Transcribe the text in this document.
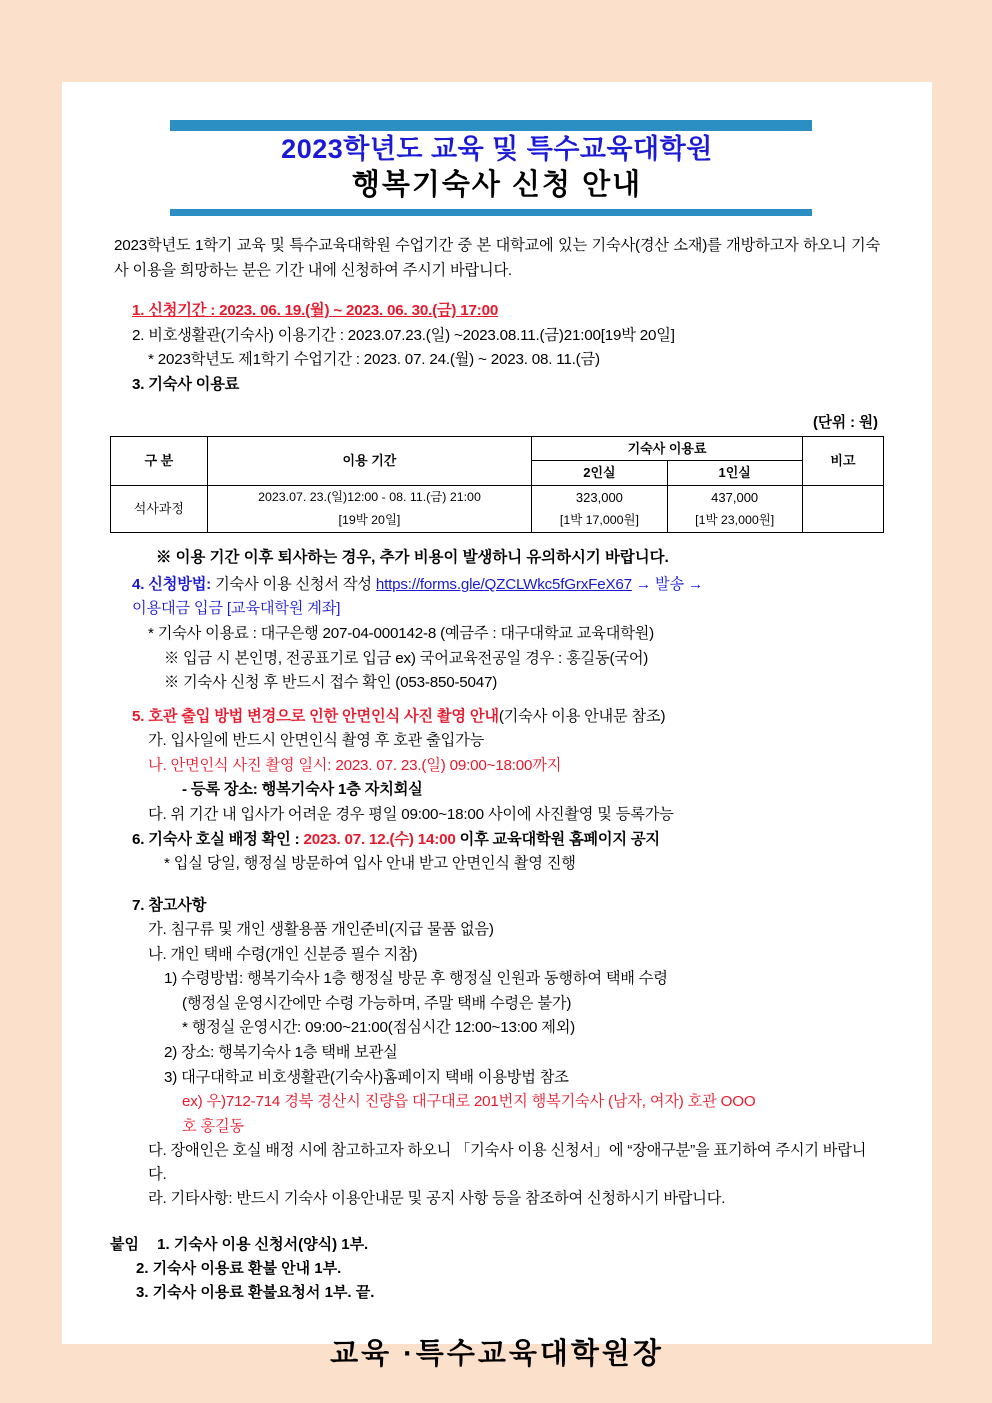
2023학년도 교육 및 특수교육대학원
행복기숙사 신청 안내
2023학년도 1학기 교육 및 특수교육대학원 수업기간 중 본 대학교에 있는 기숙사(경산 소재)를 개방하고자 하오니 기숙사 이용을 희망하는 분은 기간 내에 신청하여 주시기 바랍니다.
1. 신청기간 : 2023. 06. 19.(월) ~ 2023. 06. 30.(금) 17:00
2. 비호생활관(기숙사) 이용기간 : 2023.07.23.(일) ~2023.08.11.(금)21:00[19박 20일]
* 2023학년도 제1학기 수업기간 : 2023. 07. 24.(월) ~ 2023. 08. 11.(금)
3. 기숙사 이용료
(단위 : 원)
구 분	이용 기간	기숙사 이용료		비고
		2인실	1인실	
석사과정	2023.07. 23.(일)12:00 - 08. 11.(금) 21:00	323,000	437,000	
	[19박 20일]	[1박 17,000원]	[1박 23,000원]	
※ 이용 기간 이후 퇴사하는 경우, 추가 비용이 발생하니 유의하시기 바랍니다.
4. 신청방법: 기숙사 이용 신청서 작성 https://forms.gle/QZCLWkc5fGrxFeX67 → 발송 →
이용대금 입금 [교육대학원 계좌]
* 기숙사 이용료 : 대구은행 207-04-000142-8 (예금주 : 대구대학교 교육대학원)
※ 입금 시 본인명, 전공표기로 입금 ex) 국어교육전공일 경우 : 홍길동(국어)
※ 기숙사 신청 후 반드시 접수 확인 (053-850-5047)
5. 호관 출입 방법 변경으로 인한 안면인식 사진 촬영 안내(기숙사 이용 안내문 참조)
가. 입사일에 반드시 안면인식 촬영 후 호관 출입가능
나. 안면인식 사진 촬영 일시: 2023. 07. 23.(일) 09:00~18:00까지
- 등록 장소: 행복기숙사 1층 자치회실
다. 위 기간 내 입사가 어려운 경우 평일 09:00~18:00 사이에 사진촬영 및 등록가능
6. 기숙사 호실 배정 확인 : 2023. 07. 12.(수) 14:00 이후 교육대학원 홈페이지 공지
* 입실 당일, 행정실 방문하여 입사 안내 받고 안면인식 촬영 진행
7. 참고사항
가. 침구류 및 개인 생활용품 개인준비(지급 물품 없음)
나. 개인 택배 수령(개인 신분증 필수 지참)
1) 수령방법: 행복기숙사 1층 행정실 방문 후 행정실 인원과 동행하여 택배 수령
(행정실 운영시간에만 수령 가능하며, 주말 택배 수령은 불가)
* 행정실 운영시간: 09:00~21:00(점심시간 12:00~13:00 제외)
2) 장소: 행복기숙사 1층 택배 보관실
3) 대구대학교 비호생활관(기숙사)홈페이지 택배 이용방법 참조
ex) 우)712-714 경북 경산시 진량읍 대구대로 201번지 행복기숙사 (남자, 여자) 호관 OOO
호 홍길동
다. 장애인은 호실 배정 시에 참고하고자 하오니 「기숙사 이용 신청서」에 “장애구분”을 표기하여 주시기 바랍니다.
라. 기타사항: 반드시 기숙사 이용안내문 및 공지 사항 등을 참조하여 신청하시기 바랍니다.
붙임 1. 기숙사 이용 신청서(양식) 1부.
2. 기숙사 이용료 환불 안내 1부.
3. 기숙사 이용료 환불요청서 1부. 끝.
교육 ·특수교육대학원장
